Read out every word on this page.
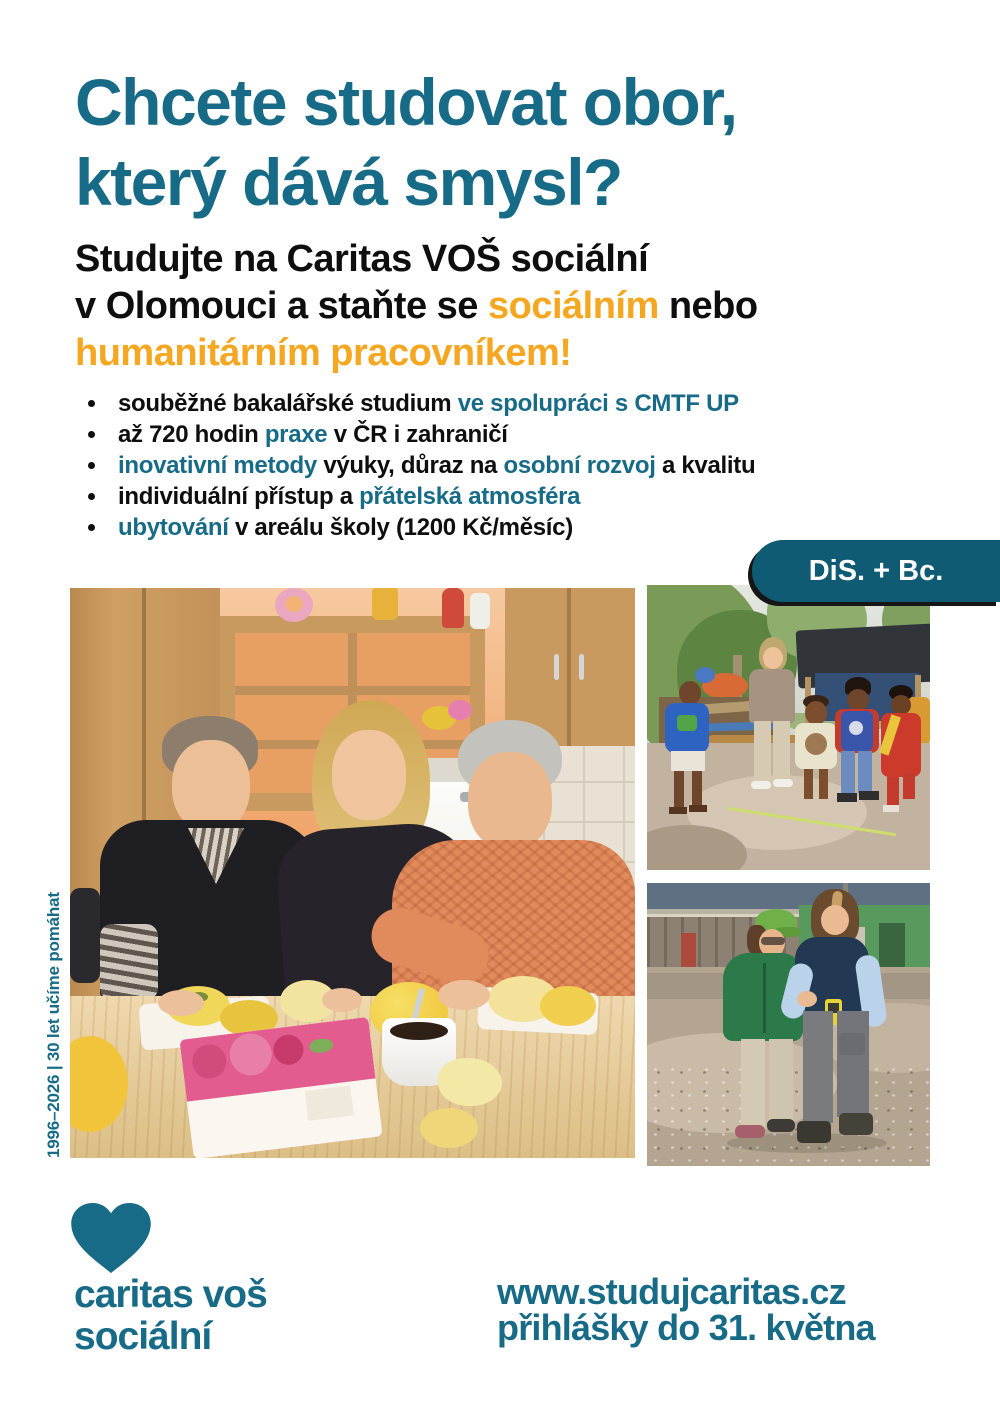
Chcete studovat obor,
který dává smysl?
Studujte na Caritas VOŠ sociální
v Olomouci a staňte se sociálním nebo
humanitárním pracovníkem!
souběžné bakalářské studium ve spolupráci s CMTF UP
až 720 hodin praxe v ČR i zahraničí
inovativní metody výuky, důraz na osobní rozvoj a kvalitu
individuální přístup a přátelská atmosféra
ubytování v areálu školy (1200 Kč/měsíc)
DiS. + Bc.
1996–2026 | 30 let učíme pomáhat
caritas voš
sociální
www.studujcaritas.cz
přihlášky do 31. května
